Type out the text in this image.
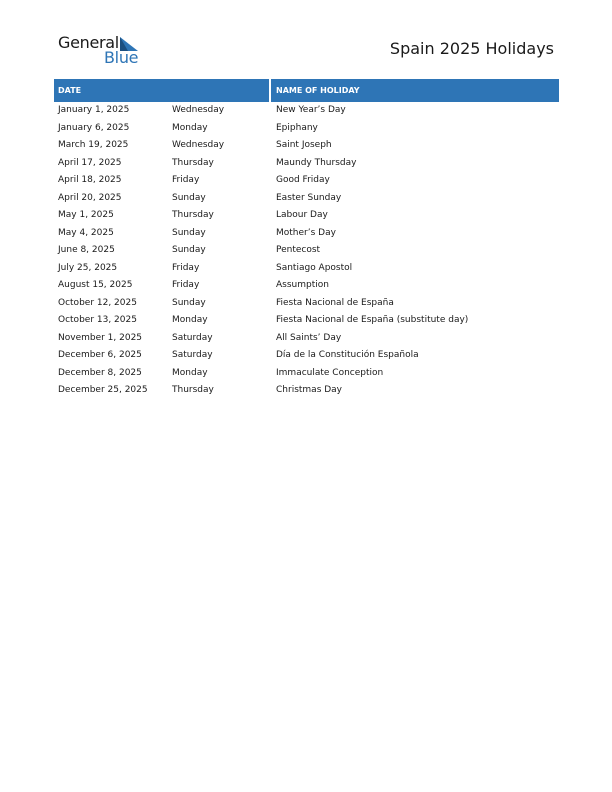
General
Blue	Spain 2025 Holidays
DATE	NAME OF HOLIDAY
January 1, 2025	Wednesday	New Year’s Day
January 6, 2025	Monday	Epiphany
March 19, 2025	Wednesday	Saint Joseph
April 17, 2025	Thursday	Maundy Thursday
April 18, 2025	Friday	Good Friday
April 20, 2025	Sunday	Easter Sunday
May 1, 2025	Thursday	Labour Day
May 4, 2025	Sunday	Mother’s Day
June 8, 2025	Sunday	Pentecost
July 25, 2025	Friday	Santiago Apostol
August 15, 2025	Friday	Assumption
October 12, 2025	Sunday	Fiesta Nacional de España
October 13, 2025	Monday	Fiesta Nacional de España (substitute day)
November 1, 2025	Saturday	All Saints’ Day
December 6, 2025	Saturday	Día de la Constitución Española
December 8, 2025	Monday	Immaculate Conception
December 25, 2025	Thursday	Christmas Day
